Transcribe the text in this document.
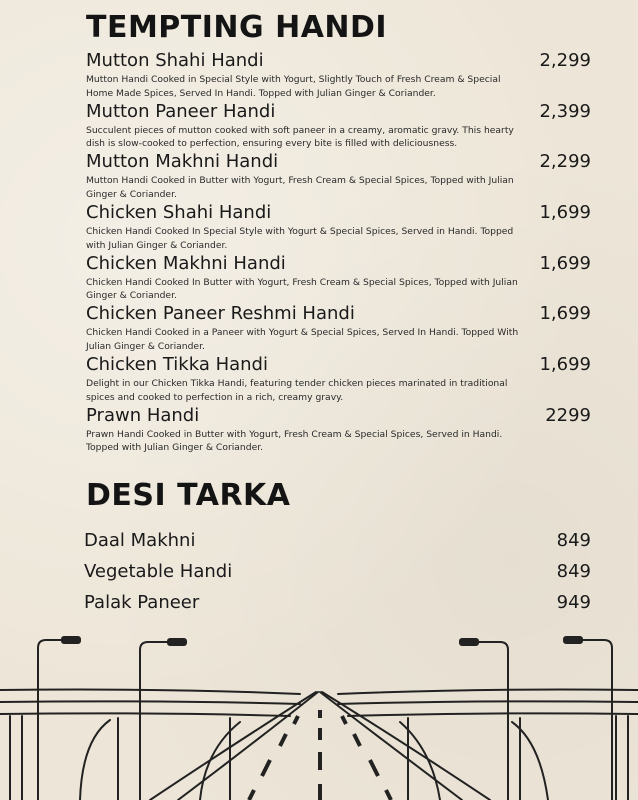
TEMPTING HANDI
Mutton Shahi Handi	2,299
Mutton Handi Cooked in Special Style with Yogurt, Slightly Touch of Fresh Cream & Special Home Made Spices, Served In Handi. Topped with Julian Ginger & Coriander.
Mutton Paneer Handi	2,399
Succulent pieces of mutton cooked with soft paneer in a creamy, aromatic gravy. This hearty dish is slow-cooked to perfection, ensuring every bite is filled with deliciousness.
Mutton Makhni Handi	2,299
Mutton Handi Cooked in Butter with Yogurt, Fresh Cream & Special Spices, Topped with Julian Ginger & Coriander.
Chicken Shahi Handi	1,699
Chicken Handi Cooked In Special Style with Yogurt & Special Spices, Served in Handi. Topped with Julian Ginger & Coriander.
Chicken Makhni Handi	1,699
Chicken Handi Cooked In Butter with Yogurt, Fresh Cream & Special Spices, Topped with Julian Ginger & Coriander.
Chicken Paneer Reshmi Handi	1,699
Chicken Handi Cooked in a Paneer with Yogurt & Special Spices, Served In Handi. Topped With Julian Ginger & Coriander.
Chicken Tikka Handi	1,699
Delight in our Chicken Tikka Handi, featuring tender chicken pieces marinated in traditional spices and cooked to perfection in a rich, creamy gravy.
Prawn Handi	2299
Prawn Handi Cooked in Butter with Yogurt, Fresh Cream & Special Spices, Served in Handi. Topped with Julian Ginger & Coriander.
DESI TARKA
Daal Makhni	849
Vegetable Handi	849
Palak Paneer	949
